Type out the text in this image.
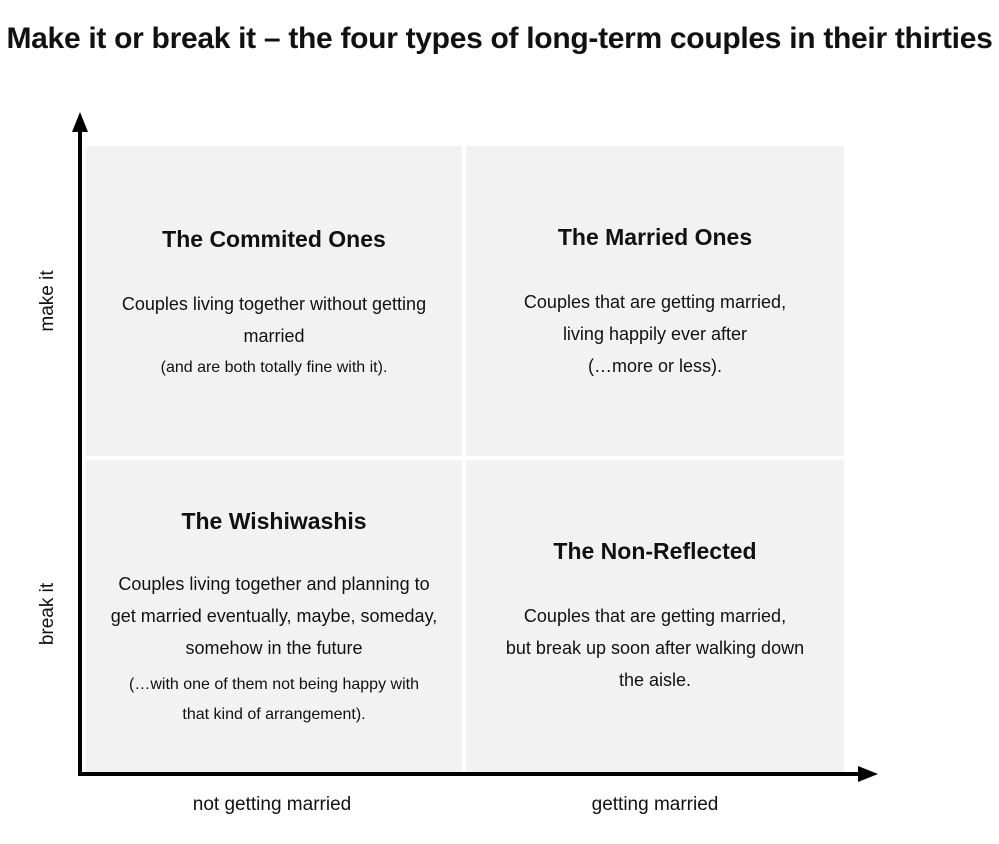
Make it or break it – the four types of long-term couples in their thirties
The Commited Ones
Couples living together without getting
married
(and are both totally fine with it).
The Married Ones
Couples that are getting married,
living happily ever after
(…more or less).
The Wishiwashis
Couples living together and planning to
get married eventually, maybe, someday,
somehow in the future
(…with one of them not being happy with
that kind of arrangement).
The Non-Reflected
Couples that are getting married,
but break up soon after walking down
the aisle.
make it
break it
not getting married	getting married
